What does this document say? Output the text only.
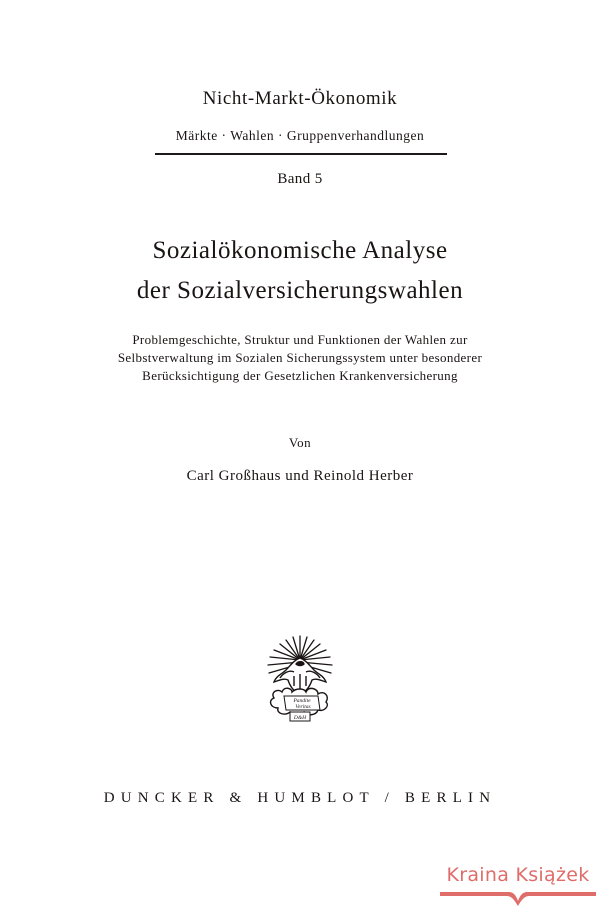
Nicht-Markt-Ökonomik
Märkte · Wahlen · Gruppenverhandlungen
Band 5
Sozialökonomische Analyse
der Sozialversicherungswahlen
Problemgeschichte, Struktur und Funktionen der Wahlen zur
Selbstverwaltung im Sozialen Sicherungssystem unter besonderer
Berücksichtigung der Gesetzlichen Krankenversicherung
Von
Carl Großhaus und Reinold Herber
Pandite
Veritas
D&H
DUNCKER & HUMBLOT / BERLIN
Kraina Książek
